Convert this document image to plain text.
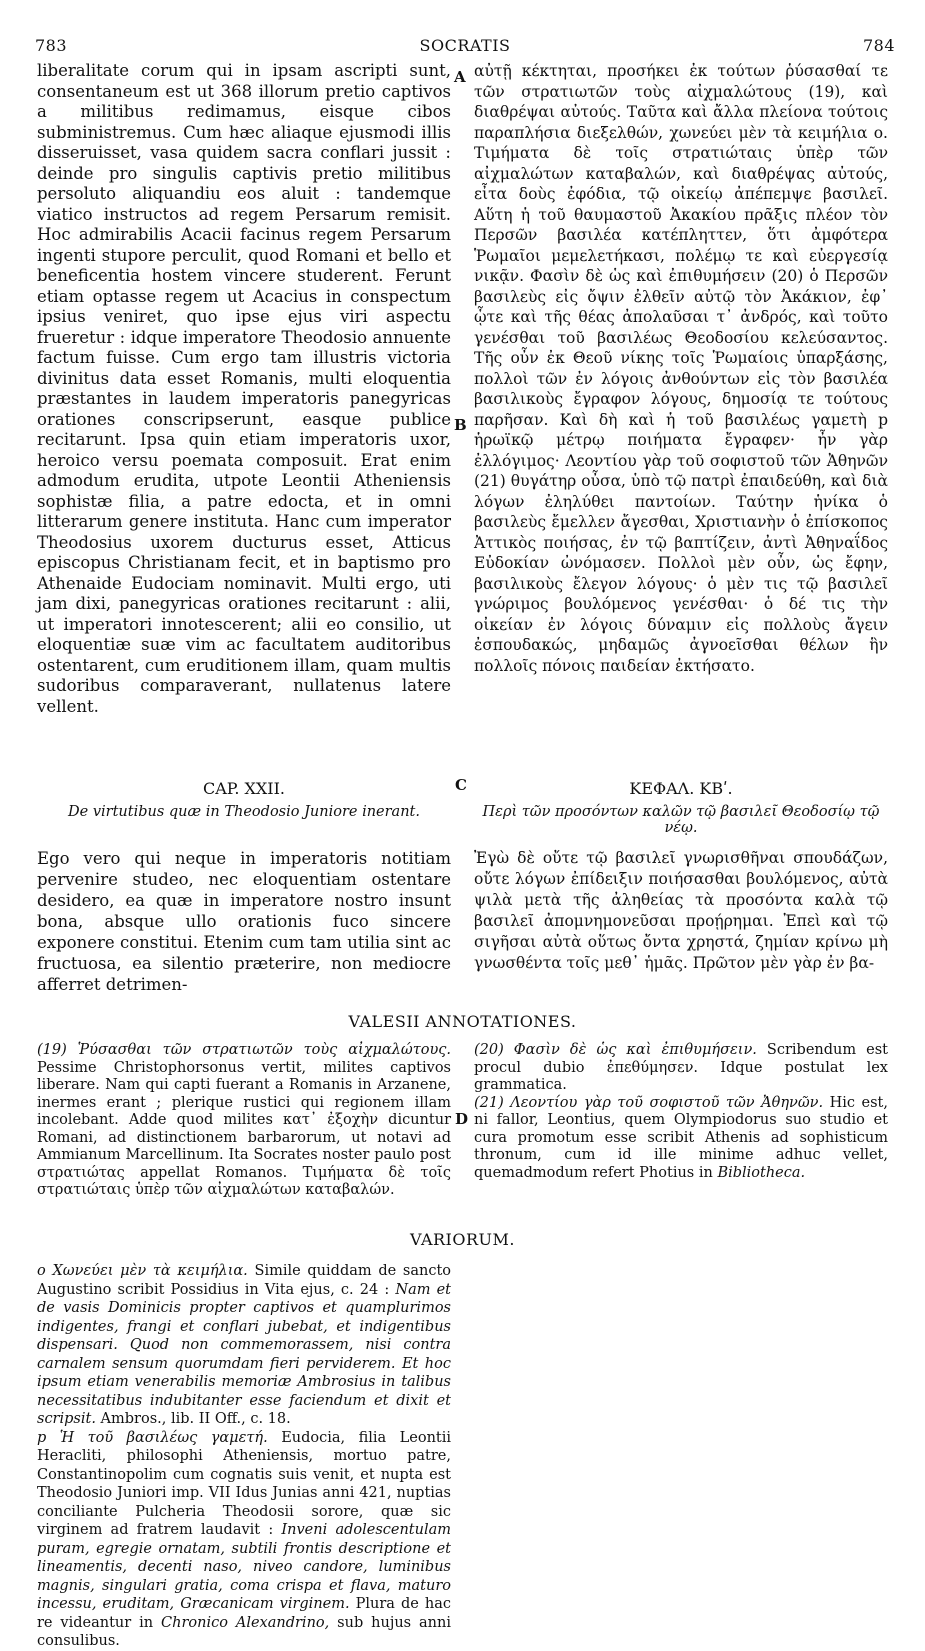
783	SOCRATIS	784

liberalitate corum qui in ipsam ascripti sunt, consentaneum est ut 368 illorum pretio captivos a militibus redimamus, eisque cibos subministremus. Cum hæc aliaque ejusmodi illis disseruisset, vasa quidem sacra conflari jussit : deinde pro singulis captivis pretio militibus persoluto aliquandiu eos aluit : tandemque viatico instructos ad regem Persarum remisit. Hoc admirabilis Acacii facinus regem Persarum ingenti stupore perculit, quod Romani et bello et beneficentia hostem vincere studerent. Ferunt etiam optasse regem ut Acacius in conspectum ipsius veniret, quo ipse ejus viri aspectu frueretur : idque imperatore Theodosio annuente factum fuisse. Cum ergo tam illustris victoria divinitus data esset Romanis, multi eloquentia præstantes in laudem imperatoris panegyricas orationes conscripserunt, easque publice recitarunt. Ipsa quin etiam imperatoris uxor, heroico versu poemata composuit. Erat enim admodum erudita, utpote Leontii Atheniensis sophistæ filia, a patre edocta, et in omni litterarum genere instituta. Hanc cum imperator Theodosius uxorem ducturus esset, Atticus episcopus Christianam fecit, et in baptismo pro Athenaide Eudociam nominavit. Multi ergo, uti jam dixi, panegyricas orationes recitarunt : alii, ut imperatori innotescerent; alii eo consilio, ut eloquentiæ suæ vim ac facultatem auditoribus ostentarent, cum eruditionem illam, quam multis sudoribus comparaverant, nullatenus latere vellent.

αὐτῇ κέκτηται, προσήκει ἐκ τούτων ῥύσασθαί τε τῶν στρατιωτῶν τοὺς αἰχμαλώτους (19), καὶ διαθρέψαι αὐτούς. Ταῦτα καὶ ἄλλα πλείονα τούτοις παραπλήσια διεξελθών, χωνεύει μὲν τὰ κειμήλια ο. Τιμήματα δὲ τοῖς στρατιώταις ὑπὲρ τῶν αἰχμαλώτων καταβαλών, καὶ διαθρέψας αὐτούς, εἶτα δοὺς ἐφόδια, τῷ οἰκείῳ ἀπέπεμψε βασιλεῖ. Αὕτη ἡ τοῦ θαυμαστοῦ Ἀκακίου πρᾶξις πλέον τὸν Περσῶν βασιλέα κατέπληττεν, ὅτι ἀμφότερα Ῥωμαῖοι μεμελετήκασι, πολέμῳ τε καὶ εὐεργεσίᾳ νικᾷν. Φασὶν δὲ ὡς καὶ ἐπιθυμήσειν (20) ὁ Περσῶν βασιλεὺς εἰς ὄψιν ἐλθεῖν αὐτῷ τὸν Ἀκάκιον, ἐφ᾽ ᾧτε καὶ τῆς θέας ἀπολαῦσαι τ᾽ ἀνδρός, καὶ τοῦτο γενέσθαι τοῦ βασιλέως Θεοδοσίου κελεύσαντος. Τῆς οὖν ἐκ Θεοῦ νίκης τοῖς Ῥωμαίοις ὑπαρξάσης, πολλοὶ τῶν ἐν λόγοις ἀνθούντων εἰς τὸν βασιλέα βασιλικοὺς ἔγραφον λόγους, δημοσίᾳ τε τούτους παρῆσαν. Καὶ δὴ καὶ ἡ τοῦ βασιλέως γαμετὴ p ἡρωϊκῷ μέτρῳ ποιήματα ἔγραφεν· ἦν γὰρ ἐλλόγιμος· Λεοντίου γὰρ τοῦ σοφιστοῦ τῶν Ἀθηνῶν (21) θυγάτηρ οὖσα, ὑπὸ τῷ πατρὶ ἐπαιδεύθη, καὶ διὰ λόγων ἐληλύθει παντοίων. Ταύτην ἡνίκα ὁ βασιλεὺς ἔμελλεν ἄγεσθαι, Χριστιανὴν ὁ ἐπίσκοπος Ἀττικὸς ποιήσας, ἐν τῷ βαπτίζειν, ἀντὶ Ἀθηναΐδος Εὐδοκίαν ὠνόμασεν. Πολλοὶ μὲν οὖν, ὡς ἔφην, βασιλικοὺς ἔλεγον λόγους· ὁ μὲν τις τῷ βασιλεῖ γνώριμος βουλόμενος γενέσθαι· ὁ δέ τις τὴν οἰκείαν ἐν λόγοις δύναμιν εἰς πολλοὺς ἄγειν ἐσπουδακώς, μηδαμῶς ἀγνοεῖσθαι θέλων ἣν πολλοῖς πόνοις παιδείαν ἐκτήσατο.

A
B
C
D
CAP. XXII.
De virtutibus quæ in Theodosio Juniore inerant.
Ego vero qui neque in imperatoris notitiam pervenire studeo, nec eloquentiam ostentare desidero, ea quæ in imperatore nostro insunt bona, absque ullo orationis fuco sincere exponere constitui. Etenim cum tam utilia sint ac fructuosa, ea silentio præterire, non mediocre afferret detrimen-
ΚΕΦΑΛ. ΚΒʹ.
Περὶ τῶν προσόντων καλῶν τῷ βασιλεῖ Θεοδοσίῳ τῷ νέῳ.
Ἐγὼ δὲ οὔτε τῷ βασιλεῖ γνωρισθῆναι σπουδάζων, οὔτε λόγων ἐπίδειξιν ποιήσασθαι βουλόμενος, αὐτὰ ψιλὰ μετὰ τῆς ἀληθείας τὰ προσόντα καλὰ τῷ βασιλεῖ ἀπομνημονεῦσαι προῄρημαι. Ἐπεὶ καὶ τῷ σιγῆσαι αὐτὰ οὕτως ὄντα χρηστά, ζημίαν κρίνω μὴ γνωσθέντα τοῖς μεθ᾽ ἡμᾶς. Πρῶτον μὲν γὰρ ἐν βα-
VALESII ANNOTATIONES.

(19) Ῥύσασθαι τῶν στρατιωτῶν τοὺς αἰχμαλώτους. Pessime Christophorsonus vertit, milites captivos liberare. Nam qui capti fuerant a Romanis in Arzanene, inermes erant ; plerique rustici qui regionem illam incolebant. Adde quod milites κατ᾽ ἐξοχὴν dicuntur Romani, ad distinctionem barbarorum, ut notavi ad Ammianum Marcellinum. Ita Socrates noster paulo post στρατιώτας appellat Romanos. Τιμήματα δὲ τοῖς στρατιώταις ὑπὲρ τῶν αἰχμαλώτων καταβαλών.

(20) Φασὶν δὲ ὡς καὶ ἐπιθυμήσειν. Scribendum est procul dubio ἐπεθύμησεν. Idque postulat lex grammatica.

(21) Λεοντίου γὰρ τοῦ σοφιστοῦ τῶν Ἀθηνῶν. Hic est, ni fallor, Leontius, quem Olympiodorus suo studio et cura promotum esse scribit Athenis ad sophisticum thronum, cum id ille minime adhuc vellet, quemadmodum refert Photius in Bibliotheca.

VARIORUM.

o Χωνεύει μὲν τὰ κειμήλια. Simile quiddam de sancto Augustino scribit Possidius in Vita ejus, c. 24 : Nam et de vasis Dominicis propter captivos et quamplurimos indigentes, frangi et conflari jubebat, et indigentibus dispensari. Quod non commemorassem, nisi contra carnalem sensum quorumdam fieri perviderem. Et hoc ipsum etiam venerabilis memoriæ Ambrosius in talibus necessitatibus indubitanter esse faciendum et dixit et scripsit. Ambros., lib. II Off., c. 18.

p Ἡ τοῦ βασιλέως γαμετή. Eudocia, filia Leontii Heracliti, philosophi Atheniensis, mortuo patre, Constantinopolim cum cognatis suis venit, et nupta est Theodosio Juniori imp. VII Idus Junias anni 421, nuptias conciliante Pulcheria Theodosii sorore, quæ sic virginem ad fratrem laudavit : Inveni adolescentulam puram, egregie ornatam, subtili frontis descriptione et lineamentis, decenti naso, niveo candore, luminibus magnis, singulari gratia, coma crispa et flava, maturo incessu, eruditam, Græcanicam virginem. Plura de hac re videantur in Chronico Alexandrino, sub hujus anni consulibus.
